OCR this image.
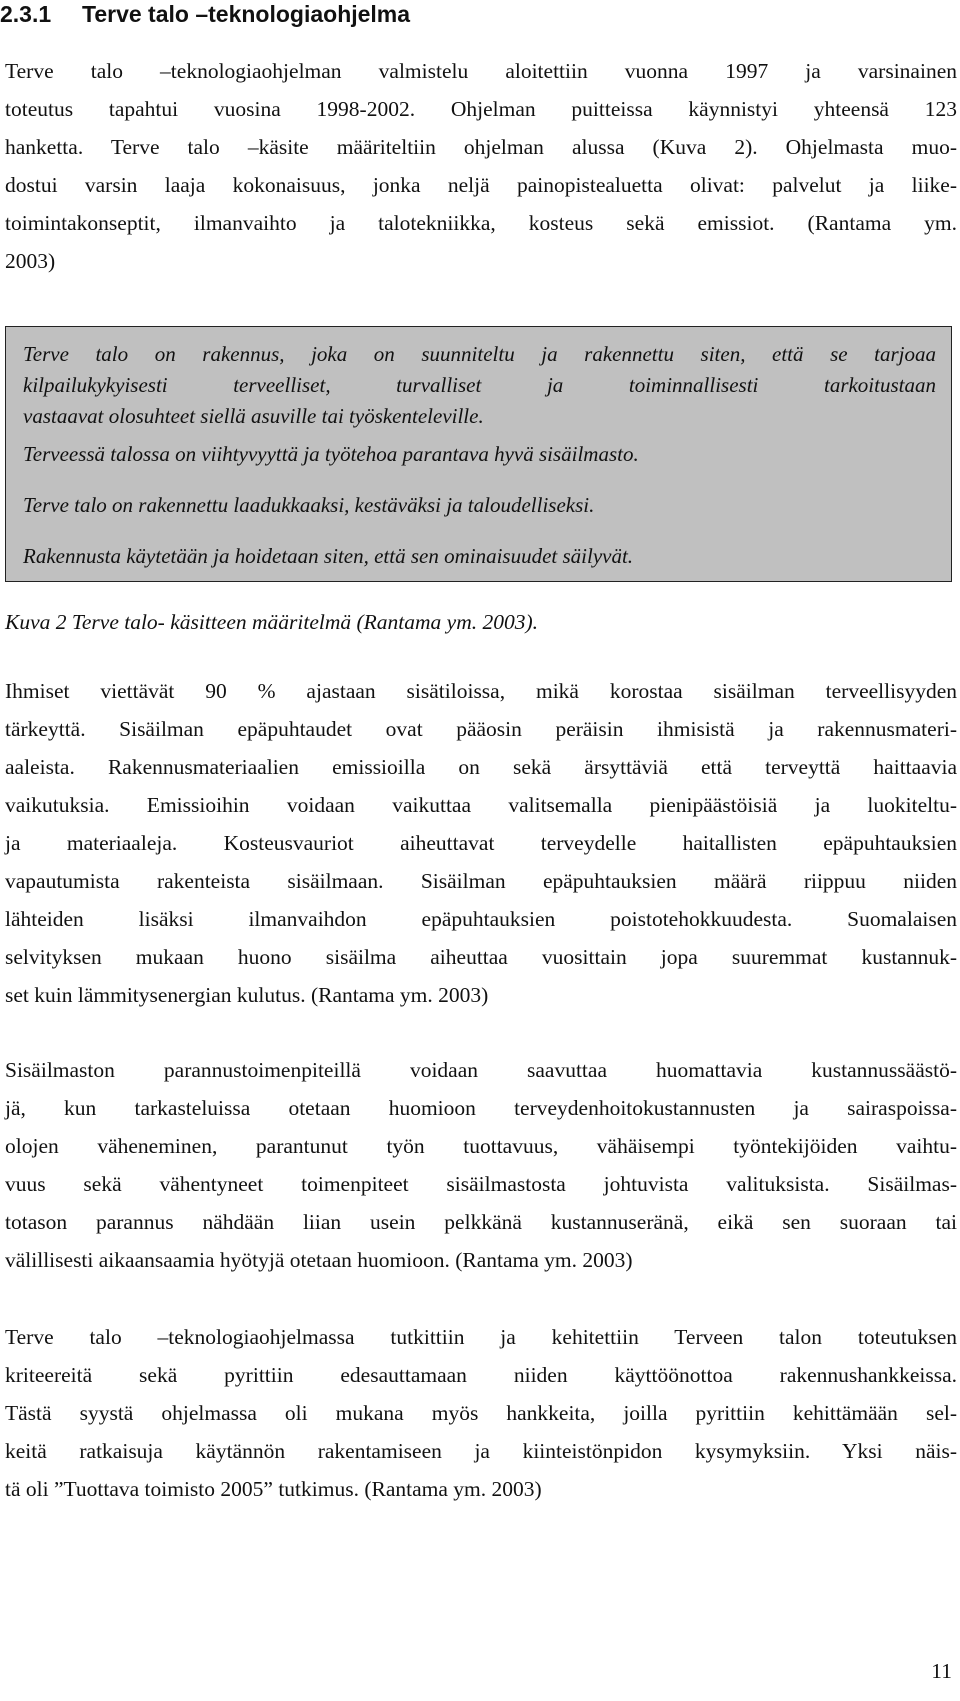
2.3.1 Terve talo –teknologiaohjelma
Terve talo –teknologiaohjelman valmistelu aloitettiin vuonna 1997 ja varsinainen
toteutus tapahtui vuosina 1998-2002. Ohjelman puitteissa käynnistyi yhteensä 123
hanketta. Terve talo –käsite määriteltiin ohjelman alussa (Kuva 2). Ohjelmasta muo-
dostui varsin laaja kokonaisuus, jonka neljä painopistealuetta olivat: palvelut ja liike-
toimintakonseptit, ilmanvaihto ja talotekniikka, kosteus sekä emissiot. (Rantama ym.
2003)
Terve talo on rakennus, joka on suunniteltu ja rakennettu siten, että se tarjoaa
kilpailukykyisesti terveelliset, turvalliset ja toiminnallisesti tarkoitustaan
vastaavat olosuhteet siellä asuville tai työskenteleville.
Terveessä talossa on viihtyvyyttä ja työtehoa parantava hyvä sisäilmasto.
Terve talo on rakennettu laadukkaaksi, kestäväksi ja taloudelliseksi.
Rakennusta käytetään ja hoidetaan siten, että sen ominaisuudet säilyvät.
Kuva 2 Terve talo- käsitteen määritelmä (Rantama ym. 2003).
Ihmiset viettävät 90 % ajastaan sisätiloissa, mikä korostaa sisäilman terveellisyyden
tärkeyttä. Sisäilman epäpuhtaudet ovat pääosin peräisin ihmisistä ja rakennusmateri-
aaleista. Rakennusmateriaalien emissioilla on sekä ärsyttäviä että terveyttä haittaavia
vaikutuksia. Emissioihin voidaan vaikuttaa valitsemalla pienipäästöisiä ja luokiteltu-
ja materiaaleja. Kosteusvauriot aiheuttavat terveydelle haitallisten epäpuhtauksien
vapautumista rakenteista sisäilmaan. Sisäilman epäpuhtauksien määrä riippuu niiden
lähteiden lisäksi ilmanvaihdon epäpuhtauksien poistotehokkuudesta. Suomalaisen
selvityksen mukaan huono sisäilma aiheuttaa vuosittain jopa suuremmat kustannuk-
set kuin lämmitysenergian kulutus. (Rantama ym. 2003)
Sisäilmaston parannustoimenpiteillä voidaan saavuttaa huomattavia kustannussäästö-
jä, kun tarkasteluissa otetaan huomioon terveydenhoitokustannusten ja sairaspoissa-
olojen väheneminen, parantunut työn tuottavuus, vähäisempi työntekijöiden vaihtu-
vuus sekä vähentyneet toimenpiteet sisäilmastosta johtuvista valituksista. Sisäilmas-
totason parannus nähdään liian usein pelkkänä kustannuseränä, eikä sen suoraan tai
välillisesti aikaansaamia hyötyjä otetaan huomioon. (Rantama ym. 2003)
Terve talo –teknologiaohjelmassa tutkittiin ja kehitettiin Terveen talon toteutuksen
kriteereitä sekä pyrittiin edesauttamaan niiden käyttöönottoa rakennushankkeissa.
Tästä syystä ohjelmassa oli mukana myös hankkeita, joilla pyrittiin kehittämään sel-
keitä ratkaisuja käytännön rakentamiseen ja kiinteistönpidon kysymyksiin. Yksi näis-
tä oli ”Tuottava toimisto 2005” tutkimus. (Rantama ym. 2003)
11
